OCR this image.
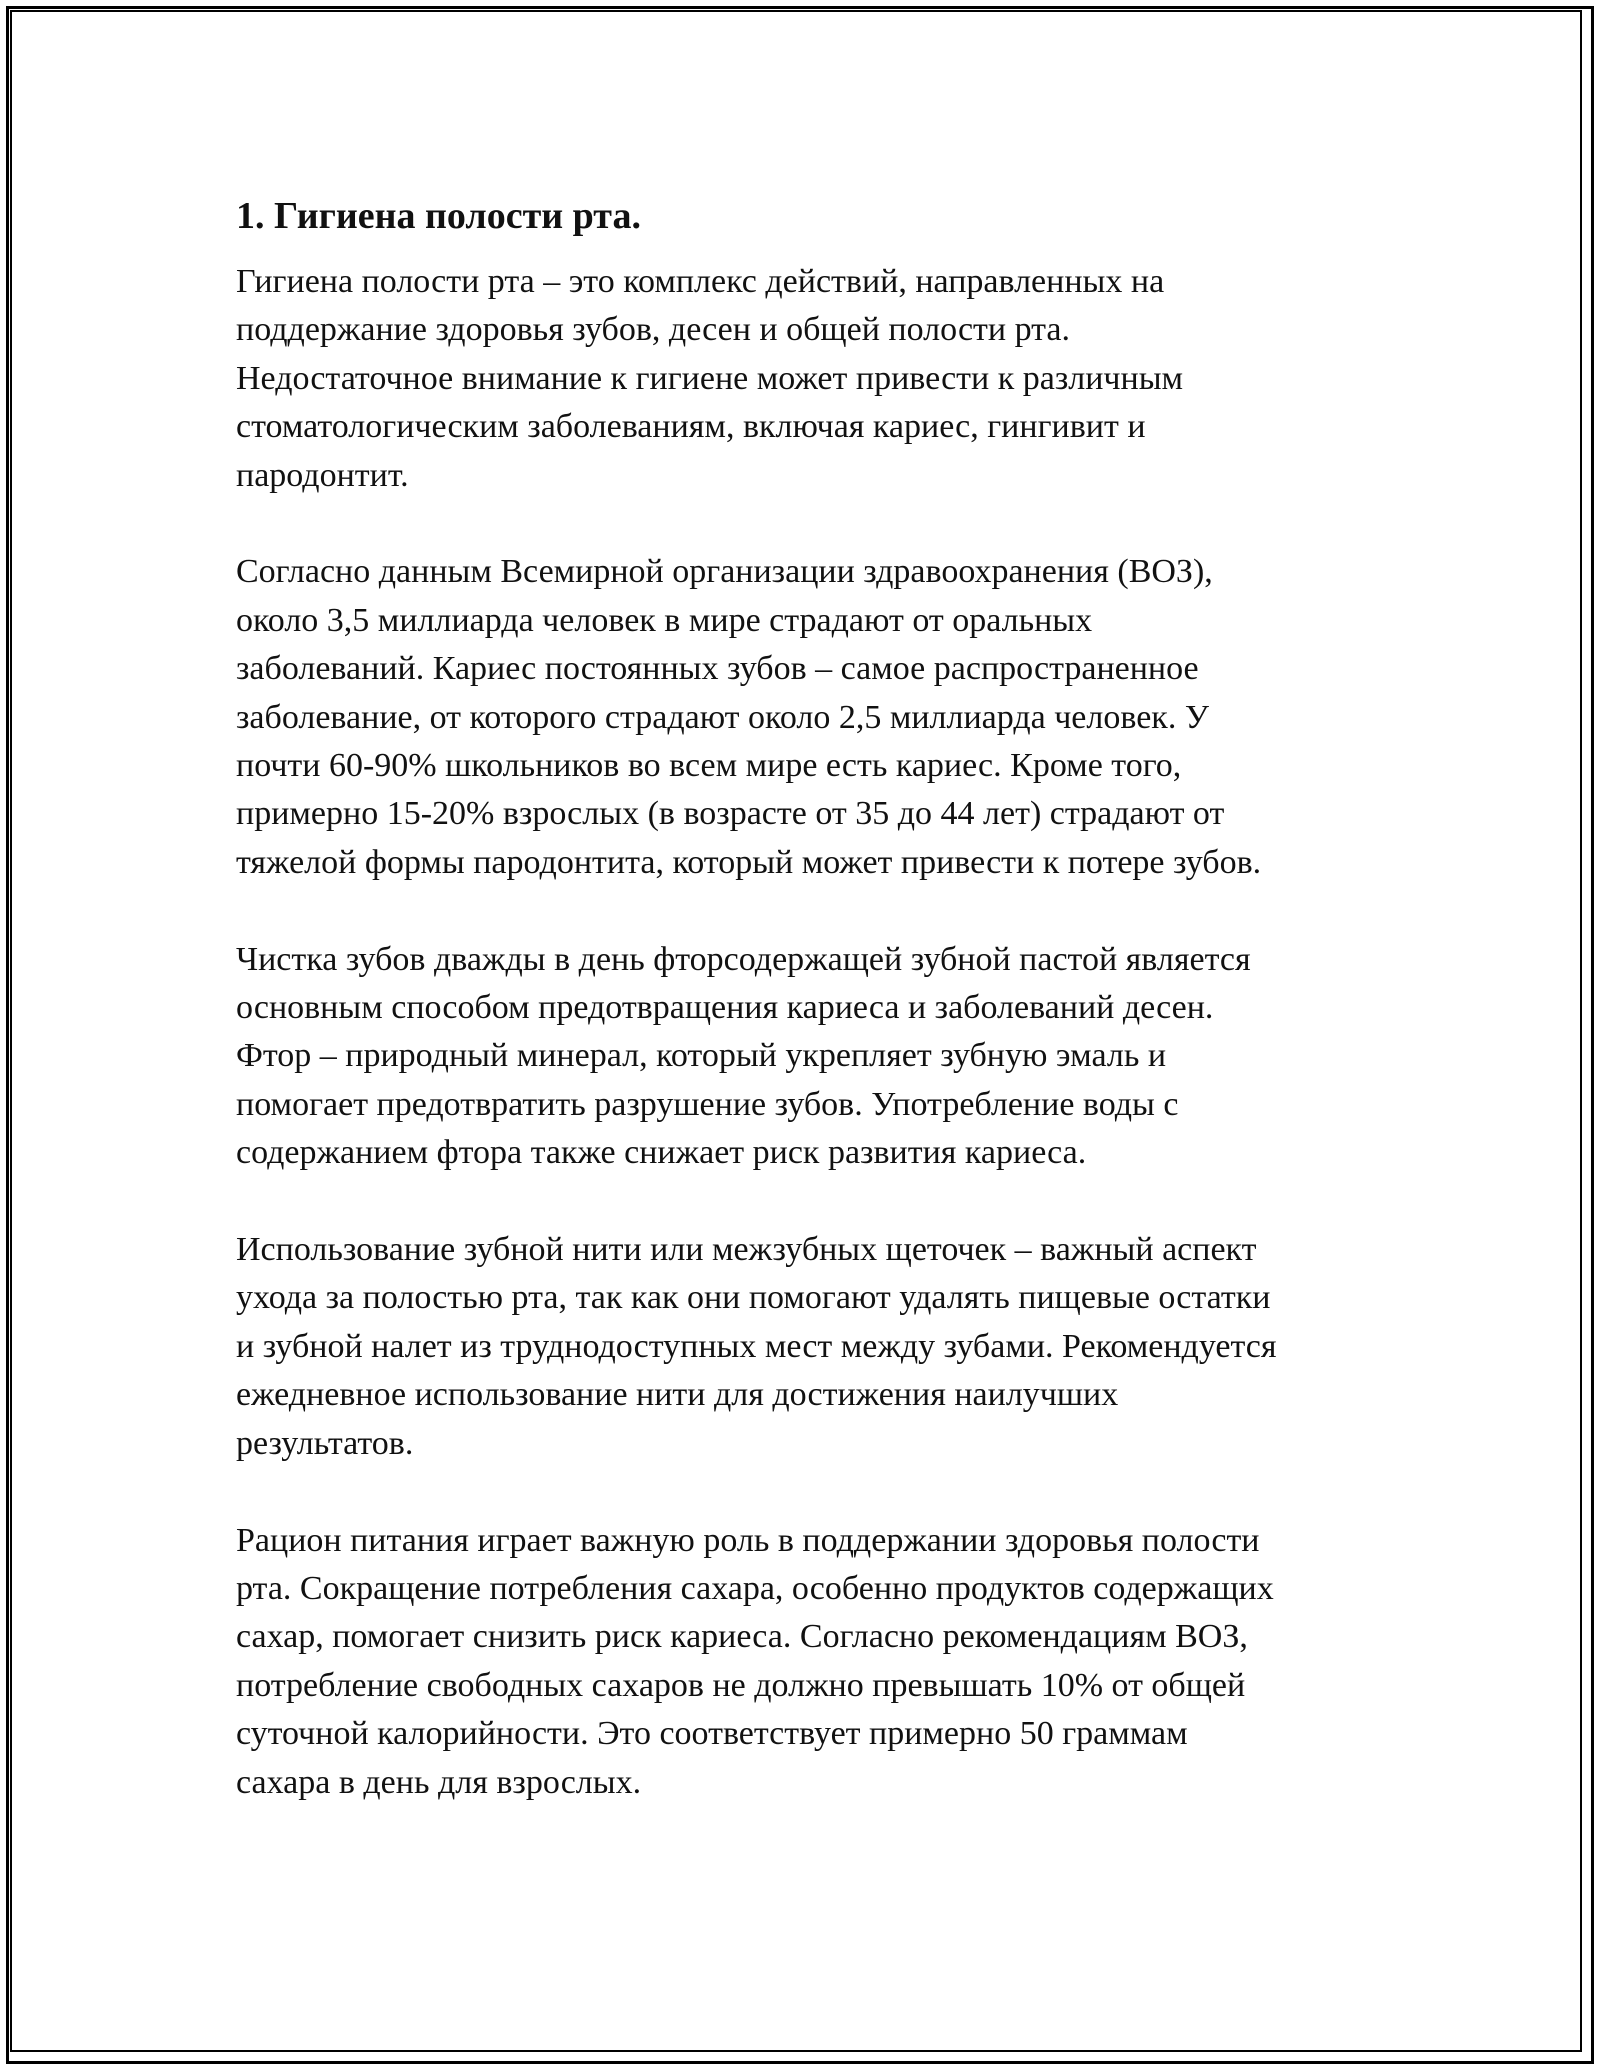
1. Гигиена полости рта.
Гигиена полости рта – это комплекс действий, направленных на
поддержание здоровья зубов, десен и общей полости рта.
Недостаточное внимание к гигиене может привести к различным
стоматологическим заболеваниям, включая кариес, гингивит и
пародонтит.
Согласно данным Всемирной организации здравоохранения (ВОЗ),
около 3,5 миллиарда человек в мире страдают от оральных
заболеваний. Кариес постоянных зубов – самое распространенное
заболевание, от которого страдают около 2,5 миллиарда человек. У
почти 60-90% школьников во всем мире есть кариес. Кроме того,
примерно 15-20% взрослых (в возрасте от 35 до 44 лет) страдают от
тяжелой формы пародонтита, который может привести к потере зубов.
Чистка зубов дважды в день фторсодержащей зубной пастой является
основным способом предотвращения кариеса и заболеваний десен.
Фтор – природный минерал, который укрепляет зубную эмаль и
помогает предотвратить разрушение зубов. Употребление воды с
содержанием фтора также снижает риск развития кариеса.
Использование зубной нити или межзубных щеточек – важный аспект
ухода за полостью рта, так как они помогают удалять пищевые остатки
и зубной налет из труднодоступных мест между зубами. Рекомендуется
ежедневное использование нити для достижения наилучших
результатов.
Рацион питания играет важную роль в поддержании здоровья полости
рта. Сокращение потребления сахара, особенно продуктов содержащих
сахар, помогает снизить риск кариеса. Согласно рекомендациям ВОЗ,
потребление свободных сахаров не должно превышать 10% от общей
суточной калорийности. Это соответствует примерно 50 граммам
сахара в день для взрослых.
